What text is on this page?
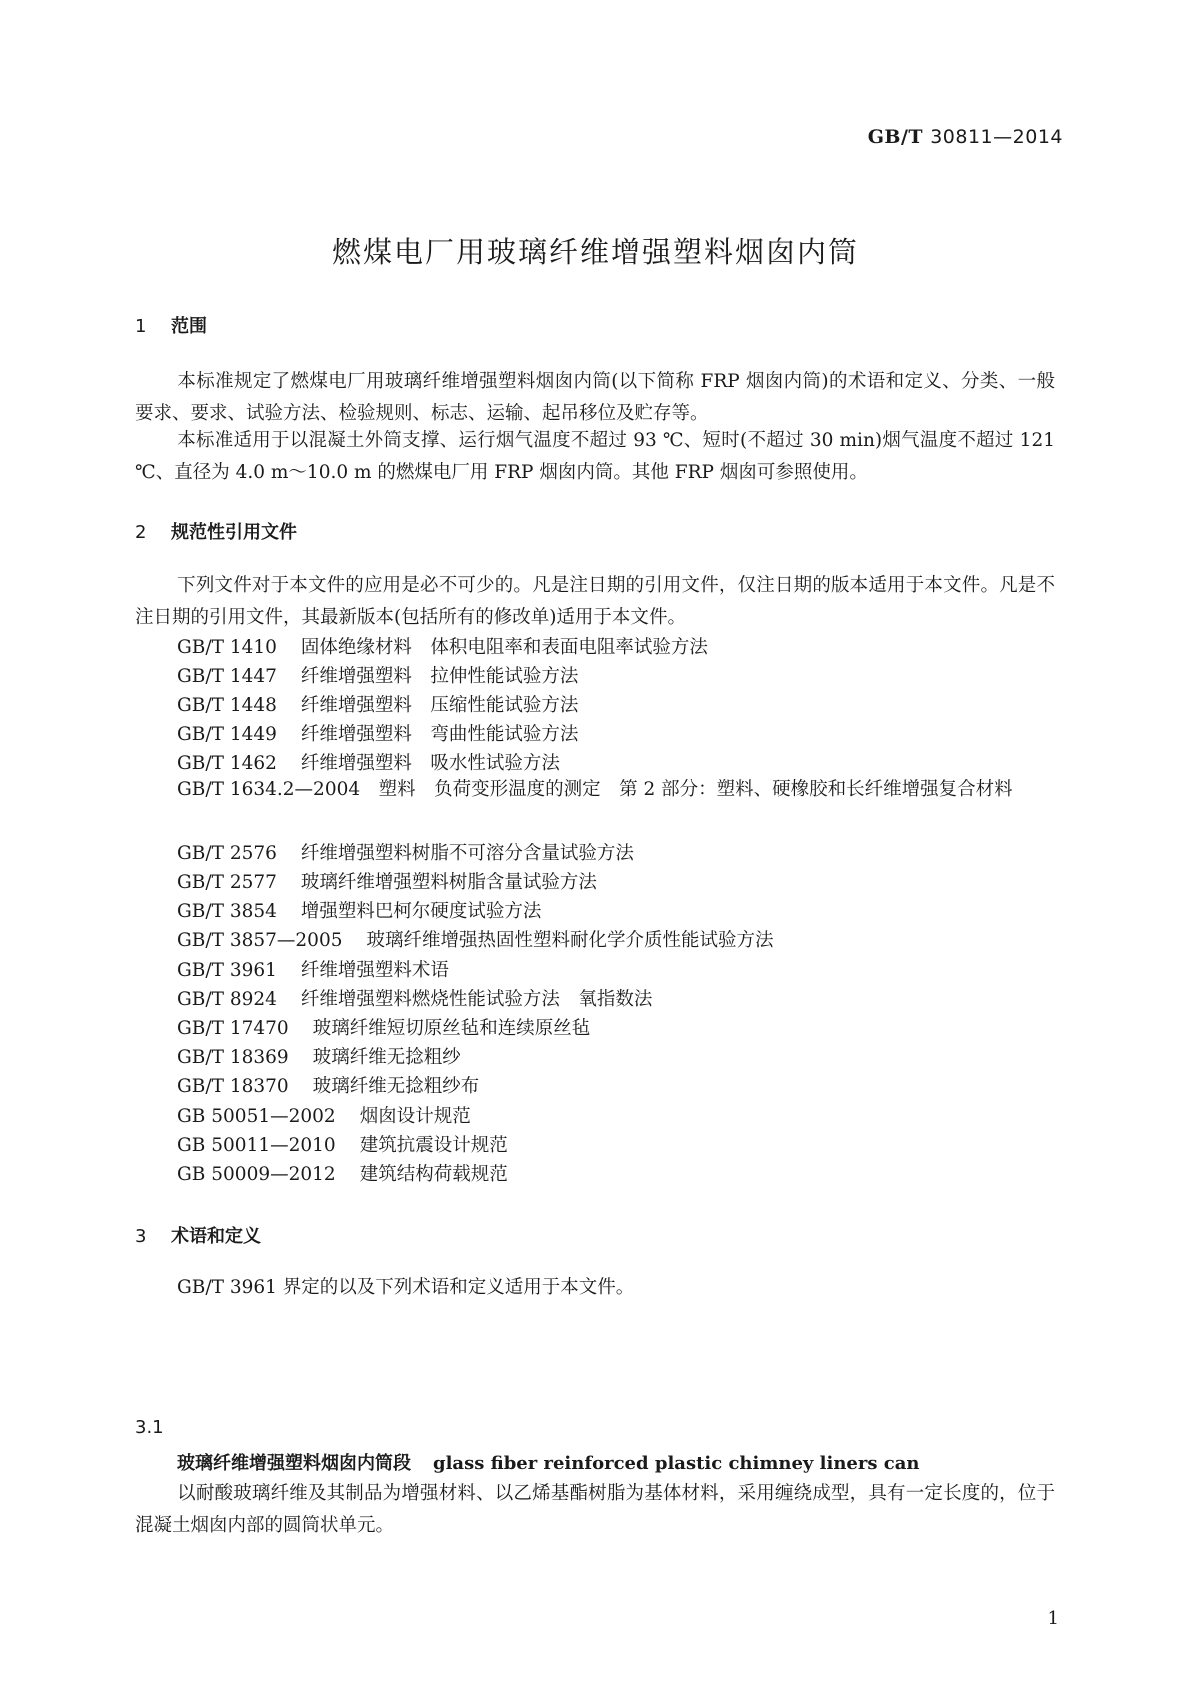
GB/T 30811—2014
燃煤电厂用玻璃纤维增强塑料烟囱内筒
1 范围
本标准规定了燃煤电厂用玻璃纤维增强塑料烟囱内筒(以下简称 FRP 烟囱内筒)的术语和定义、分类、一般要求、要求、试验方法、检验规则、标志、运输、起吊移位及贮存等。
本标准适用于以混凝土外筒支撑、运行烟气温度不超过 93 ℃、短时(不超过 30 min)烟气温度不超过 121 ℃、直径为 4.0 m～10.0 m 的燃煤电厂用 FRP 烟囱内筒。其他 FRP 烟囱可参照使用。
2 规范性引用文件
下列文件对于本文件的应用是必不可少的。凡是注日期的引用文件，仅注日期的版本适用于本文件。凡是不注日期的引用文件，其最新版本(包括所有的修改单)适用于本文件。
GB/T 1410 固体绝缘材料　体积电阻率和表面电阻率试验方法
GB/T 1447 纤维增强塑料　拉伸性能试验方法
GB/T 1448 纤维增强塑料　压缩性能试验方法
GB/T 1449 纤维增强塑料　弯曲性能试验方法
GB/T 1462 纤维增强塑料　吸水性试验方法
GB/T 1634.2—2004　塑料　负荷变形温度的测定　第 2 部分：塑料、硬橡胶和长纤维增强复合材料
GB/T 2576 纤维增强塑料树脂不可溶分含量试验方法
GB/T 2577 玻璃纤维增强塑料树脂含量试验方法
GB/T 3854 增强塑料巴柯尔硬度试验方法
GB/T 3857—2005 玻璃纤维增强热固性塑料耐化学介质性能试验方法
GB/T 3961 纤维增强塑料术语
GB/T 8924 纤维增强塑料燃烧性能试验方法　氧指数法
GB/T 17470 玻璃纤维短切原丝毡和连续原丝毡
GB/T 18369 玻璃纤维无捻粗纱
GB/T 18370 玻璃纤维无捻粗纱布
GB 50051—2002 烟囱设计规范
GB 50011—2010 建筑抗震设计规范
GB 50009—2012 建筑结构荷载规范
3 术语和定义
GB/T 3961 界定的以及下列术语和定义适用于本文件。
3.1
玻璃纤维增强塑料烟囱内筒段 glass fiber reinforced plastic chimney liners can
以耐酸玻璃纤维及其制品为增强材料、以乙烯基酯树脂为基体材料，采用缠绕成型，具有一定长度的，位于混凝土烟囱内部的圆筒状单元。
1
